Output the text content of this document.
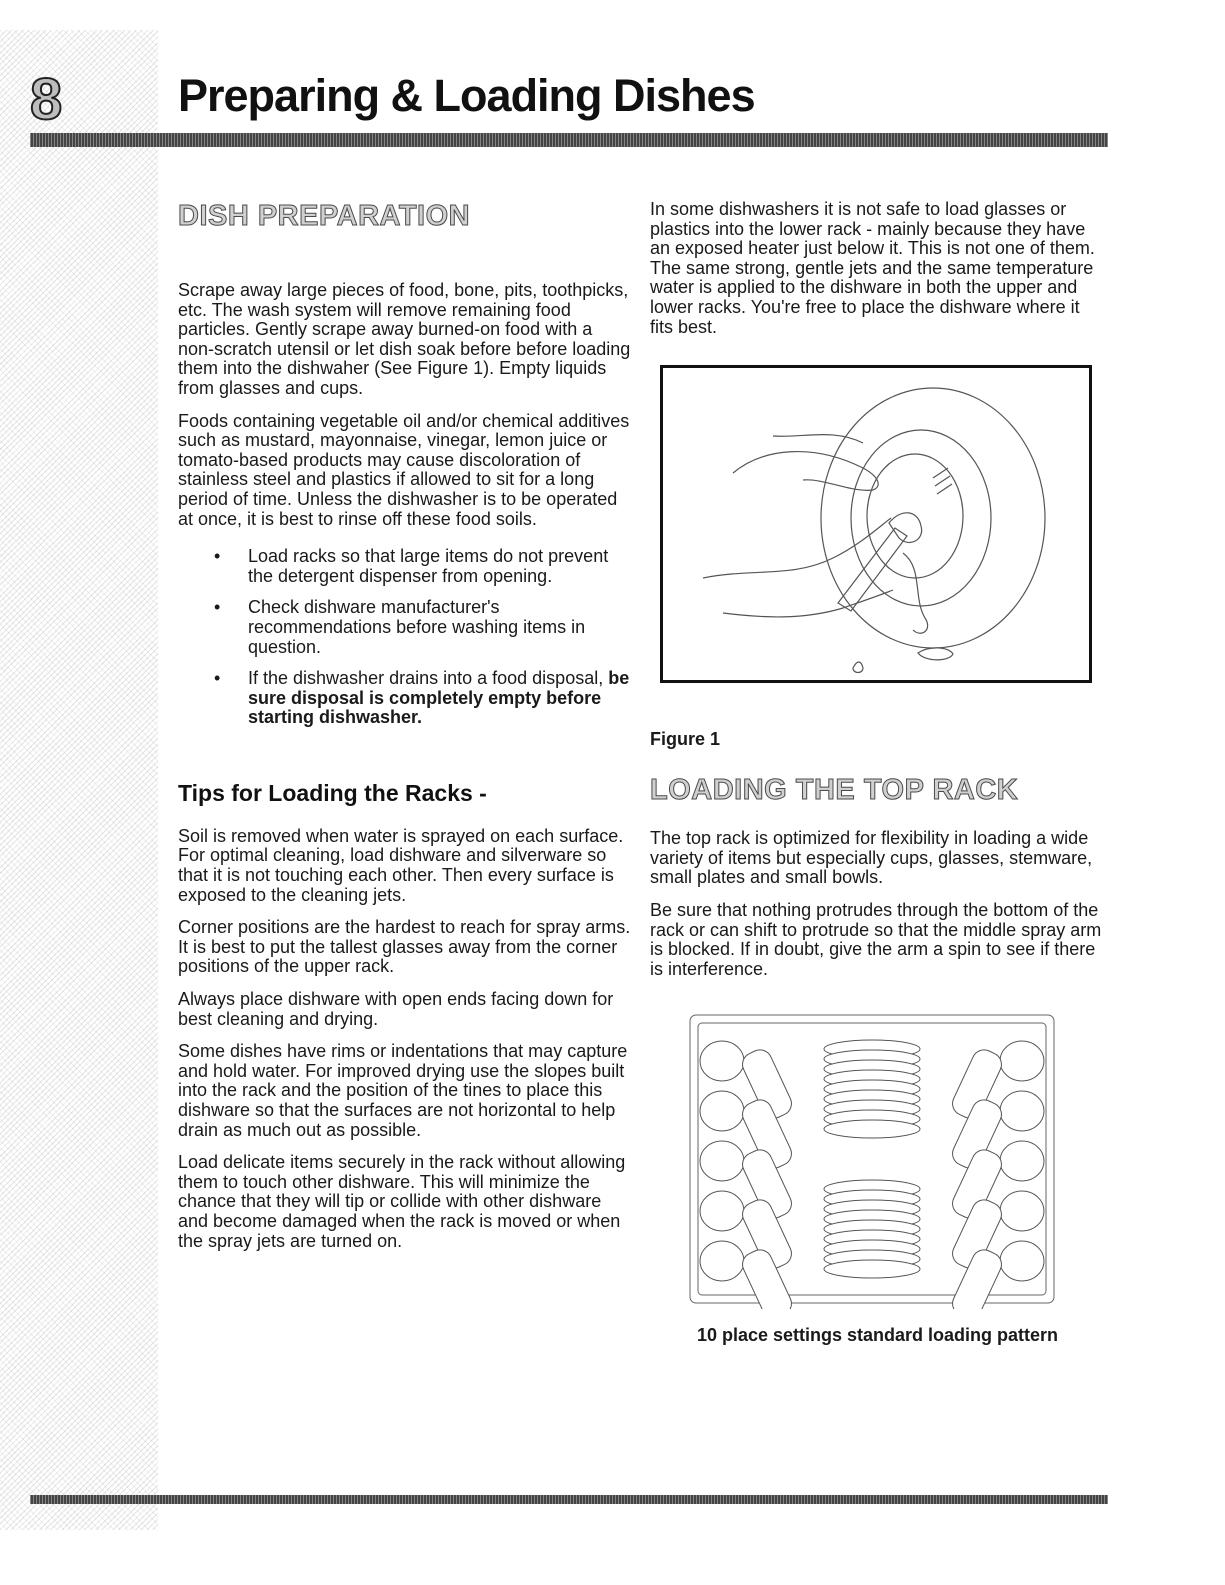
8	Preparing & Loading Dishes
DISH PREPARATION

Scrape away large pieces of food, bone, pits, toothpicks, etc. The wash system will remove remaining food particles. Gently scrape away burned-on food with a non-scratch utensil or let dish soak before before loading them into the dishwaher (See Figure 1). Empty liquids from glasses and cups.

Foods containing vegetable oil and/or chemical additives such as mustard, mayonnaise, vinegar, lemon juice or tomato-based products may cause discoloration of stainless steel and plastics if allowed to sit for a long period of time. Unless the dishwasher is to be operated at once, it is best to rinse off these food soils.

• Load racks so that large items do not prevent the detergent dispenser from opening.
• Check dishware manufacturer's recommendations before washing items in question.
• If the dishwasher drains into a food disposal, be sure disposal is completely empty before starting dishwasher.
Tips for Loading the Racks -

Soil is removed when water is sprayed on each surface. For optimal cleaning, load dishware and silverware so that it is not touching each other. Then every surface is exposed to the cleaning jets.

Corner positions are the hardest to reach for spray arms. It is best to put the tallest glasses away from the corner positions of the upper rack.

Always place dishware with open ends facing down for best cleaning and drying.

Some dishes have rims or indentations that may capture and hold water. For improved drying use the slopes built into the rack and the position of the tines to place this dishware so that the surfaces are not horizontal to help drain as much out as possible.

Load delicate items securely in the rack without allowing them to touch other dishware. This will minimize the chance that they will tip or collide with other dishware and become damaged when the rack is moved or when the spray jets are turned on.

In some dishwashers it is not safe to load glasses or plastics into the lower rack - mainly because they have an exposed heater just below it. This is not one of them. The same strong, gentle jets and the same temperature water is applied to the dishware in both the upper and lower racks. You're free to place the dishware where it fits best.

Figure 1
LOADING THE TOP RACK

The top rack is optimized for flexibility in loading a wide variety of items but especially cups, glasses, stemware, small plates and small bowls.

Be sure that nothing protrudes through the bottom of the rack or can shift to protrude so that the middle spray arm is blocked. If in doubt, give the arm a spin to see if there is interference.

10 place settings standard loading pattern
